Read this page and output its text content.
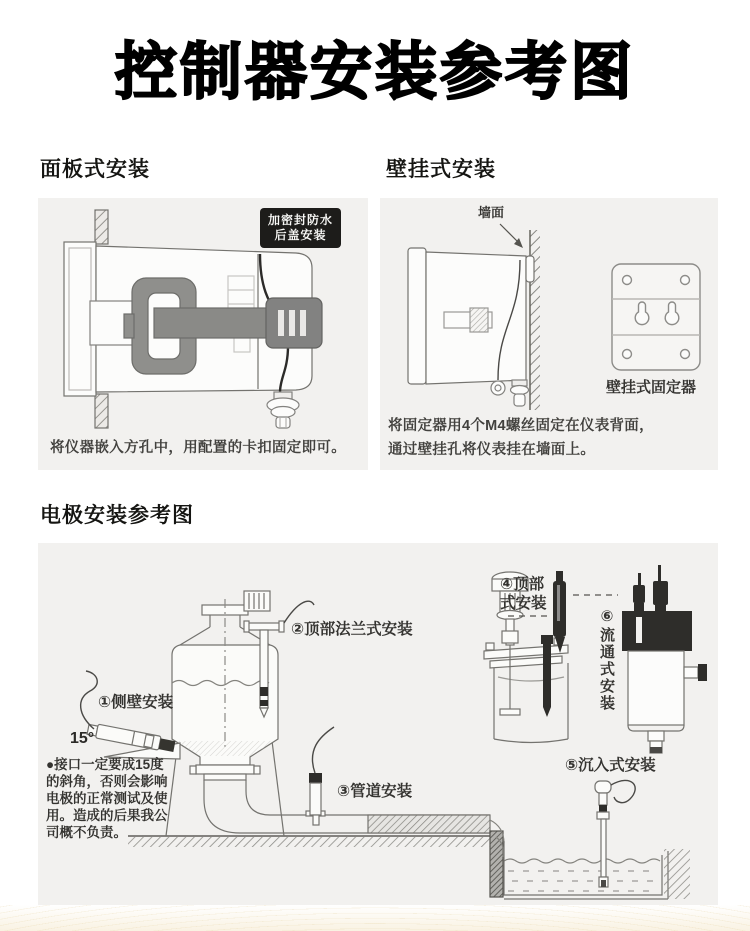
控制器安装参考图
面板式安装	壁挂式安装
加密封防水
后盖安装
将仪器嵌入方孔中，用配置的卡扣固定即可。
墙面
壁挂式固定器
将固定器用4个M4螺丝固定在仪表背面，
通过壁挂孔将仪表挂在墙面上。
电极安装参考图
①侧壁安装
15°
②顶部法兰式安装
③管道安装
④顶部
式安装
⑤沉入式安装
⑥流通式安装
●接口一定要成15度
的斜角，否则会影响
电极的正常测试及使
用。造成的后果我公
司概不负责。
